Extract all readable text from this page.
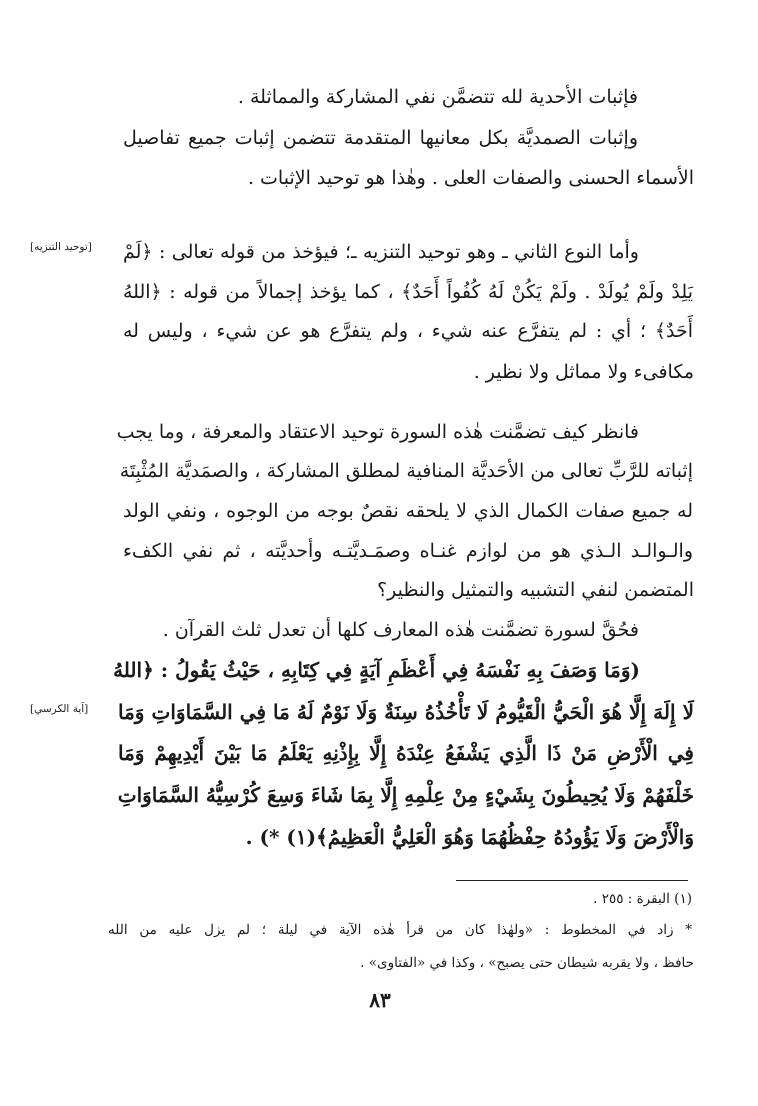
فإثبات الأحدية لله تتضمَّن نفي المشاركة والمماثلة .
وإثبات الصمديَّة بكل معانيها المتقدمة تتضمن إثبات جميع تفاصيل
الأسماء الحسنى والصفات العلى . وهٰذا هو توحيد الإثبات .
وأما النوع الثاني ـ وهو توحيد التنزيه ـ؛ فيؤخذ من قوله تعالى : ﴿لَمْ
[توحيد التنزيه]
يَلِدْ ولَمْ يُولَدْ . ولَمْ يَكُنْ لَهُ كُفُواً أَحَدٌ﴾ ، كما يؤخذ إجمالاً من قوله : ﴿اللهُ
أَحَدٌ﴾ ؛ أي : لم يتفرَّع عنه شيء ، ولم يتفرَّع هو عن شيء ، وليس له
مكافىء ولا مماثل ولا نظير .
فانظر كيف تضمَّنت هٰذه السورة توحيد الاعتقاد والمعرفة ، وما يجب
إثباته للرَّبِّ تعالى من الأحَديَّة المنافية لمطلق المشاركة ، والصمَديَّة المُثْبِتَة
له جميع صفات الكمال الذي لا يلحقه نقصٌ بوجه من الوجوه ، ونفي الولد
والـوالـد الـذي هو من لوازم غنـاه وصمَـديَّتـه وأحديَّته ، ثم نفي الكفء
المتضمن لنفي التشبيه والتمثيل والنظير؟
فحُقَّ لسورة تضمَّنت هٰذه المعارف كلها أن تعدل ثلث القرآن .
(وَمَا وَصَفَ بِهِ نَفْسَهُ فِي أَعْظَمِ آيَةٍ فِي كِتَابِهِ ، حَيْثُ يَقُولُ : ﴿اللهُ
لَا إِلَهَ إِلَّا هُوَ الْحَيُّ الْقَيُّومُ لَا تَأْخُذُهُ سِنَةٌ وَلَا نَوْمٌ لَهُ مَا فِي السَّمَاوَاتِ وَمَا
[آية الكرسي]
فِي الْأَرْضِ مَنْ ذَا الَّذِي يَشْفَعُ عِنْدَهُ إِلَّا بِإِذْنِهِ يَعْلَمُ مَا بَيْنَ أَيْدِيهِمْ وَمَا
خَلْفَهُمْ وَلَا يُحِيطُونَ بِشَيْءٍ مِنْ عِلْمِهِ إِلَّا بِمَا شَاءَ وَسِعَ كُرْسِيُّهُ السَّمَاوَاتِ
وَالْأَرْضَ وَلَا يَؤُودُهُ حِفْظُهُمَا وَهُوَ الْعَلِيُّ الْعَظِيمُ﴾(١) *) .
(١) البقرة : ٢٥٥ .
* زاد في المخطوط : «ولهٰذا كان من قرأ هٰذه الآية في ليلة ؛ لم يزل عليه من الله
حافظ ، ولا يقربه شيطان حتى يصبح» ، وكذا في «الفتاوى» .
٨٣
